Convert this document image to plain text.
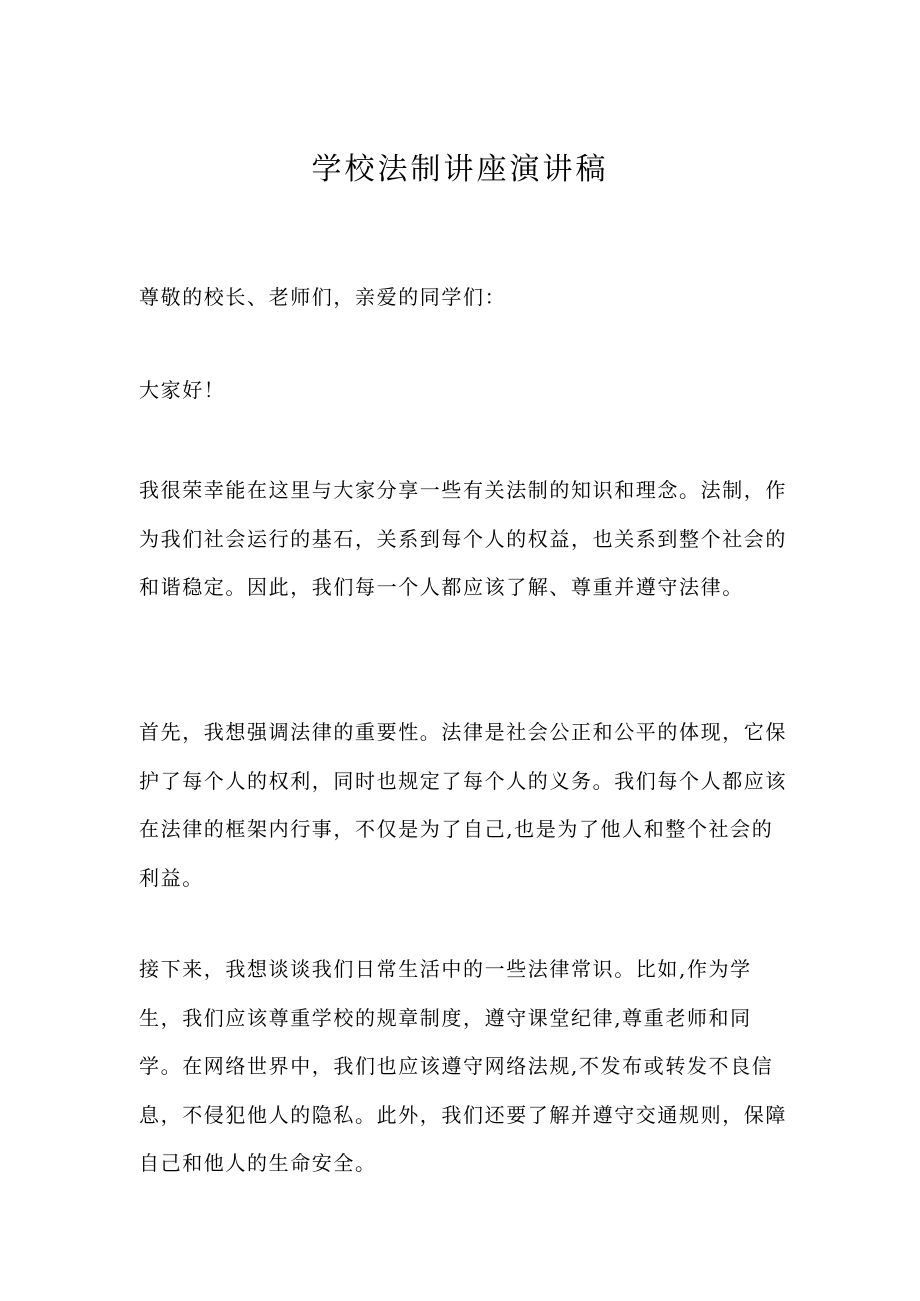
学校法制讲座演讲稿

尊敬的校长、老师们，亲爱的同学们：

大家好！

我很荣幸能在这里与大家分享一些有关法制的知识和理念。法制，作为我们社会运行的基石，关系到每个人的权益，也关系到整个社会的和谐稳定。因此，我们每一个人都应该了解、尊重并遵守法律。

首先，我想强调法律的重要性。法律是社会公正和公平的体现，它保护了每个人的权利，同时也规定了每个人的义务。我们每个人都应该在法律的框架内行事，不仅是为了自己,也是为了他人和整个社会的利益。

接下来，我想谈谈我们日常生活中的一些法律常识。比如,作为学生，我们应该尊重学校的规章制度，遵守课堂纪律,尊重老师和同学。在网络世界中，我们也应该遵守网络法规,不发布或转发不良信息，不侵犯他人的隐私。此外，我们还要了解并遵守交通规则，保障自己和他人的生命安全。
